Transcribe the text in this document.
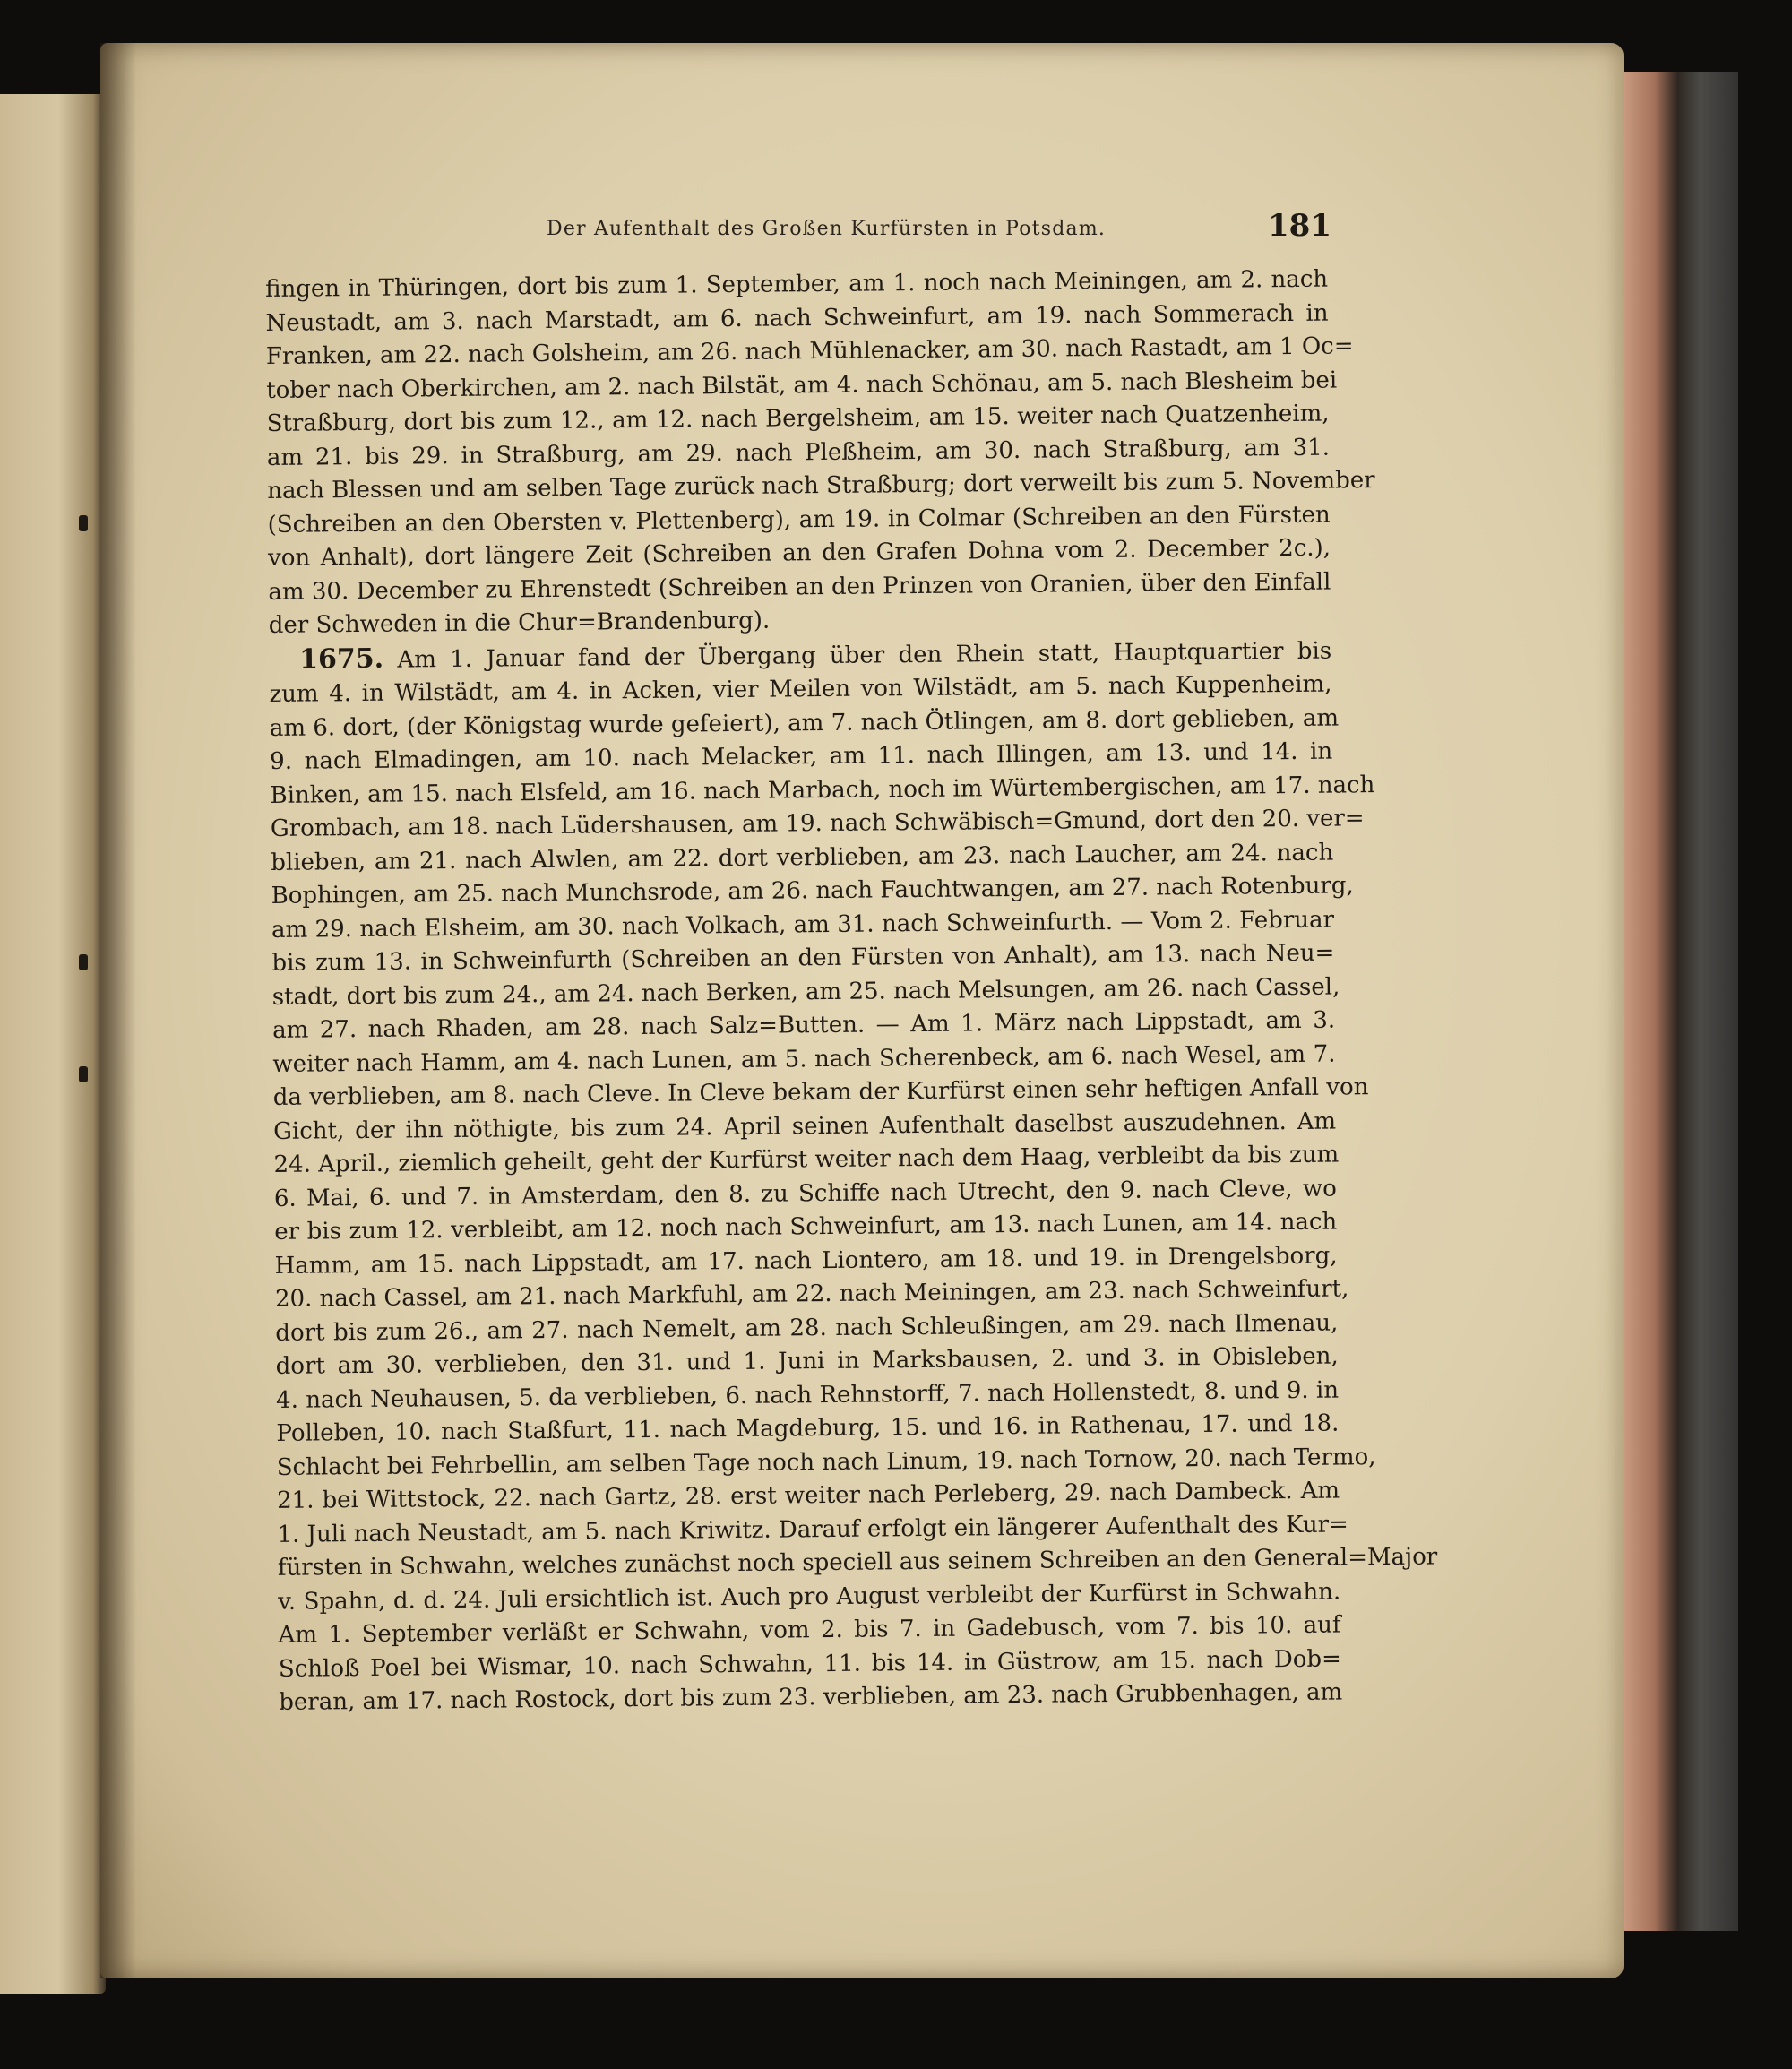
Der Aufenthalt des Großen Kurfürsten in Potsdam.	181
fingen in Thüringen, dort bis zum 1. September, am 1. noch nach Meiningen, am 2. nach
Neustadt, am 3. nach Marstadt, am 6. nach Schweinfurt, am 19. nach Sommerach in
Franken, am 22. nach Golsheim, am 26. nach Mühlenacker, am 30. nach Rastadt, am 1 Oc=
tober nach Oberkirchen, am 2. nach Bilstät, am 4. nach Schönau, am 5. nach Blesheim bei
Straßburg, dort bis zum 12., am 12. nach Bergelsheim, am 15. weiter nach Quatzenheim,
am 21. bis 29. in Straßburg, am 29. nach Pleßheim, am 30. nach Straßburg, am 31.
nach Blessen und am selben Tage zurück nach Straßburg; dort verweilt bis zum 5. November
(Schreiben an den Obersten v. Plettenberg), am 19. in Colmar (Schreiben an den Fürsten
von Anhalt), dort längere Zeit (Schreiben an den Grafen Dohna vom 2. December 2c.),
am 30. December zu Ehrenstedt (Schreiben an den Prinzen von Oranien, über den Einfall
der Schweden in die Chur=Brandenburg).
1675. Am 1. Januar fand der Übergang über den Rhein statt, Hauptquartier bis
zum 4. in Wilstädt, am 4. in Acken, vier Meilen von Wilstädt, am 5. nach Kuppenheim,
am 6. dort, (der Königstag wurde gefeiert), am 7. nach Ötlingen, am 8. dort geblieben, am
9. nach Elmadingen, am 10. nach Melacker, am 11. nach Illingen, am 13. und 14. in
Binken, am 15. nach Elsfeld, am 16. nach Marbach, noch im Würtembergischen, am 17. nach
Grombach, am 18. nach Lüdershausen, am 19. nach Schwäbisch=Gmund, dort den 20. ver=
blieben, am 21. nach Alwlen, am 22. dort verblieben, am 23. nach Laucher, am 24. nach
Bophingen, am 25. nach Munchsrode, am 26. nach Fauchtwangen, am 27. nach Rotenburg,
am 29. nach Elsheim, am 30. nach Volkach, am 31. nach Schweinfurth. — Vom 2. Februar
bis zum 13. in Schweinfurth (Schreiben an den Fürsten von Anhalt), am 13. nach Neu=
stadt, dort bis zum 24., am 24. nach Berken, am 25. nach Melsungen, am 26. nach Cassel,
am 27. nach Rhaden, am 28. nach Salz=Butten. — Am 1. März nach Lippstadt, am 3.
weiter nach Hamm, am 4. nach Lunen, am 5. nach Scherenbeck, am 6. nach Wesel, am 7.
da verblieben, am 8. nach Cleve. In Cleve bekam der Kurfürst einen sehr heftigen Anfall von
Gicht, der ihn nöthigte, bis zum 24. April seinen Aufenthalt daselbst auszudehnen. Am
24. April., ziemlich geheilt, geht der Kurfürst weiter nach dem Haag, verbleibt da bis zum
6. Mai, 6. und 7. in Amsterdam, den 8. zu Schiffe nach Utrecht, den 9. nach Cleve, wo
er bis zum 12. verbleibt, am 12. noch nach Schweinfurt, am 13. nach Lunen, am 14. nach
Hamm, am 15. nach Lippstadt, am 17. nach Liontero, am 18. und 19. in Drengelsborg,
20. nach Cassel, am 21. nach Markfuhl, am 22. nach Meiningen, am 23. nach Schweinfurt,
dort bis zum 26., am 27. nach Nemelt, am 28. nach Schleußingen, am 29. nach Ilmenau,
dort am 30. verblieben, den 31. und 1. Juni in Marksbausen, 2. und 3. in Obisleben,
4. nach Neuhausen, 5. da verblieben, 6. nach Rehnstorff, 7. nach Hollenstedt, 8. und 9. in
Polleben, 10. nach Staßfurt, 11. nach Magdeburg, 15. und 16. in Rathenau, 17. und 18.
Schlacht bei Fehrbellin, am selben Tage noch nach Linum, 19. nach Tornow, 20. nach Termo,
21. bei Wittstock, 22. nach Gartz, 28. erst weiter nach Perleberg, 29. nach Dambeck. Am
1. Juli nach Neustadt, am 5. nach Kriwitz. Darauf erfolgt ein längerer Aufenthalt des Kur=
fürsten in Schwahn, welches zunächst noch speciell aus seinem Schreiben an den General=Major
v. Spahn, d. d. 24. Juli ersichtlich ist. Auch pro August verbleibt der Kurfürst in Schwahn.
Am 1. September verläßt er Schwahn, vom 2. bis 7. in Gadebusch, vom 7. bis 10. auf
Schloß Poel bei Wismar, 10. nach Schwahn, 11. bis 14. in Güstrow, am 15. nach Dob=
beran, am 17. nach Rostock, dort bis zum 23. verblieben, am 23. nach Grubbenhagen, am
